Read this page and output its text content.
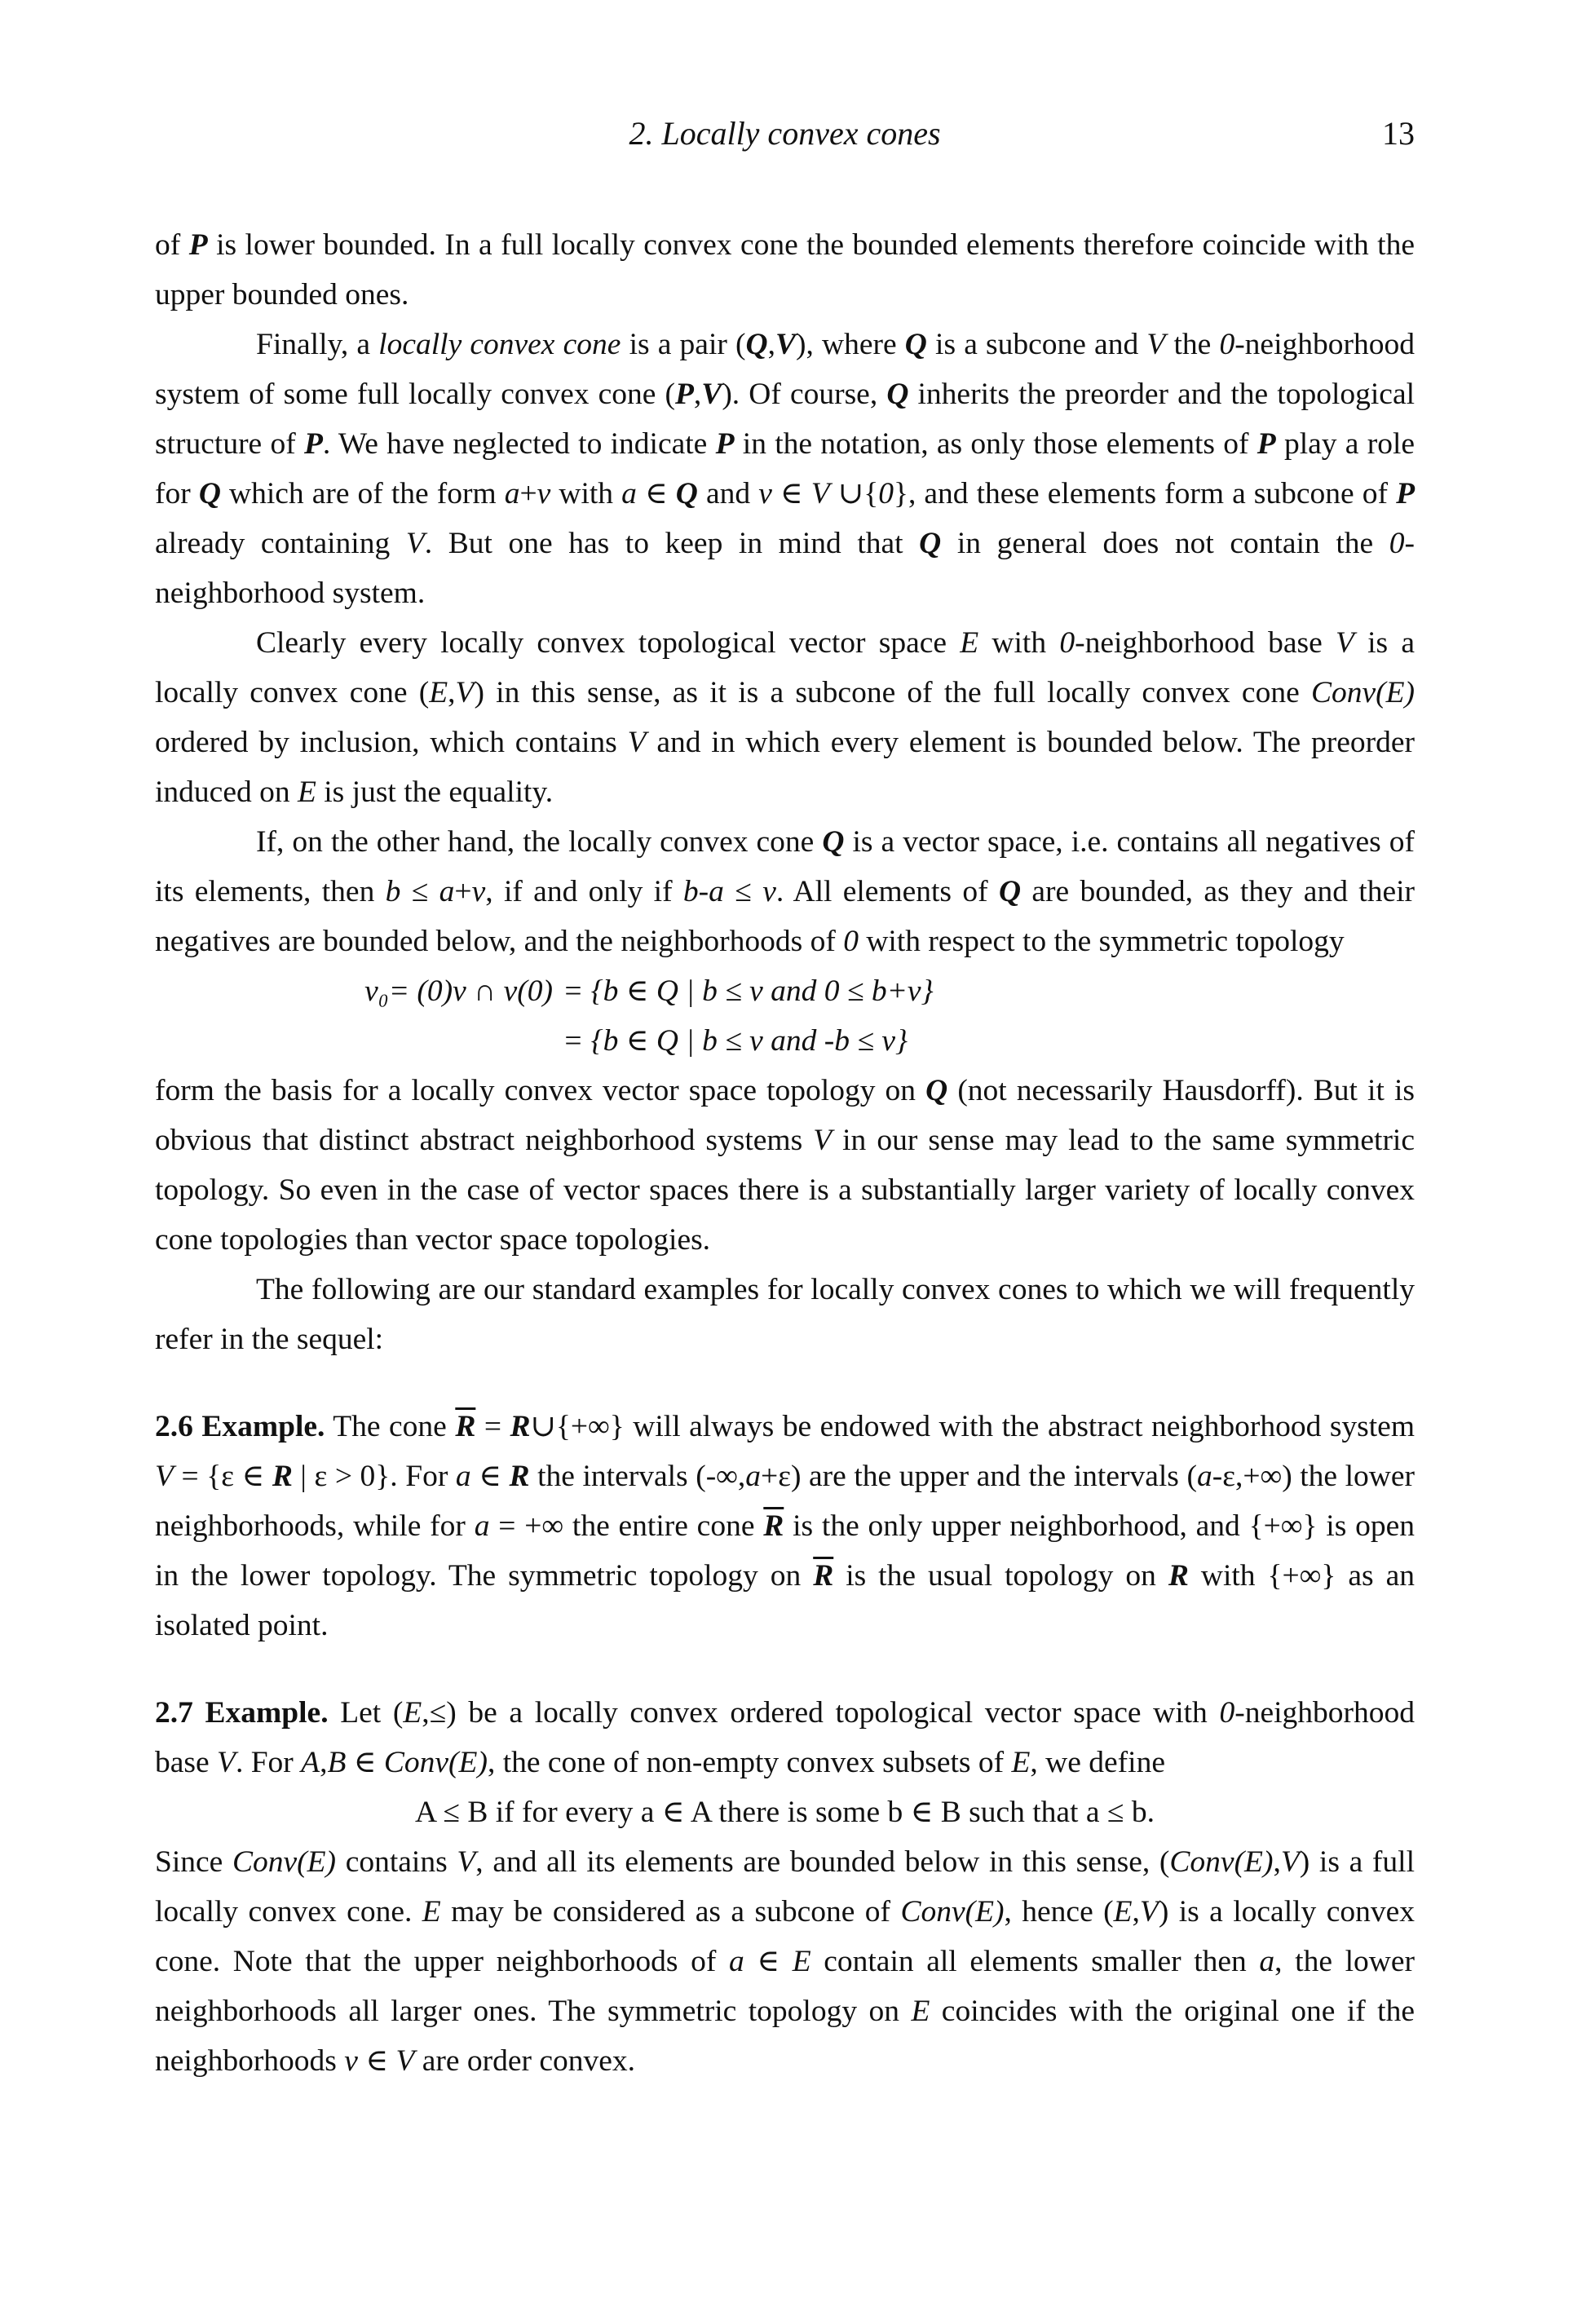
2. Locally convex cones	13

of P is lower bounded. In a full locally convex cone the bounded elements therefore coincide with the upper bounded ones.

Finally, a locally convex cone is a pair (Q,V), where Q is a subcone and V the 0-neighborhood system of some full locally convex cone (P,V). Of course, Q inherits the preorder and the topological structure of P. We have neglected to indicate P in the notation, as only those elements of P play a role for Q which are of the form a+v with a ∈ Q and v ∈ V ∪{0}, and these elements form a subcone of P already containing V. But one has to keep in mind that Q in general does not contain the 0-neighborhood system.

Clearly every locally convex topological vector space E with 0-neighborhood base V is a locally convex cone (E,V) in this sense, as it is a subcone of the full locally convex cone Conv(E) ordered by inclusion, which contains V and in which every element is bounded below. The preorder induced on E is just the equality.

If, on the other hand, the locally convex cone Q is a vector space, i.e. contains all negatives of its elements, then b ≤ a+v, if and only if b-a ≤ v. All elements of Q are bounded, as they and their negatives are bounded below, and the neighborhoods of 0 with respect to the symmetric topology

v₀= (0)v ∩ v(0) = {b ∈ Q | b ≤ v and 0 ≤ b+v}
= {b ∈ Q | b ≤ v and -b ≤ v}

form the basis for a locally convex vector space topology on Q (not necessarily Hausdorff). But it is obvious that distinct abstract neighborhood systems V in our sense may lead to the same symmetric topology. So even in the case of vector spaces there is a substantially larger variety of locally convex cone topologies than vector space topologies.

The following are our standard examples for locally convex cones to which we will frequently refer in the sequel:

2.6 Example. The cone $\overline{R}$ = R∪{+∞} will always be endowed with the abstract neighborhood system V = {ε ∈ R | ε > 0}. For a ∈ R the intervals (-∞,a+ε) are the upper and the intervals (a-ε,+∞) the lower neighborhoods, while for a = +∞ the entire cone $\overline{R}$ is the only upper neighborhood, and {+∞} is open in the lower topology. The symmetric topology on $\overline{R}$ is the usual topology on R with {+∞} as an isolated point.

2.7 Example. Let (E,≤) be a locally convex ordered topological vector space with 0-neighborhood base V. For A,B ∈ Conv(E), the cone of non-empty convex subsets of E, we define

A ≤ B if for every a ∈ A there is some b ∈ B such that a ≤ b.

Since Conv(E) contains V, and all its elements are bounded below in this sense, (Conv(E),V) is a full locally convex cone. E may be considered as a subcone of Conv(E), hence (E,V) is a locally convex cone. Note that the upper neighborhoods of a ∈ E contain all elements smaller then a, the lower neighborhoods all larger ones. The symmetric topology on E coincides with the original one if the neighborhoods v ∈ V are order convex.
